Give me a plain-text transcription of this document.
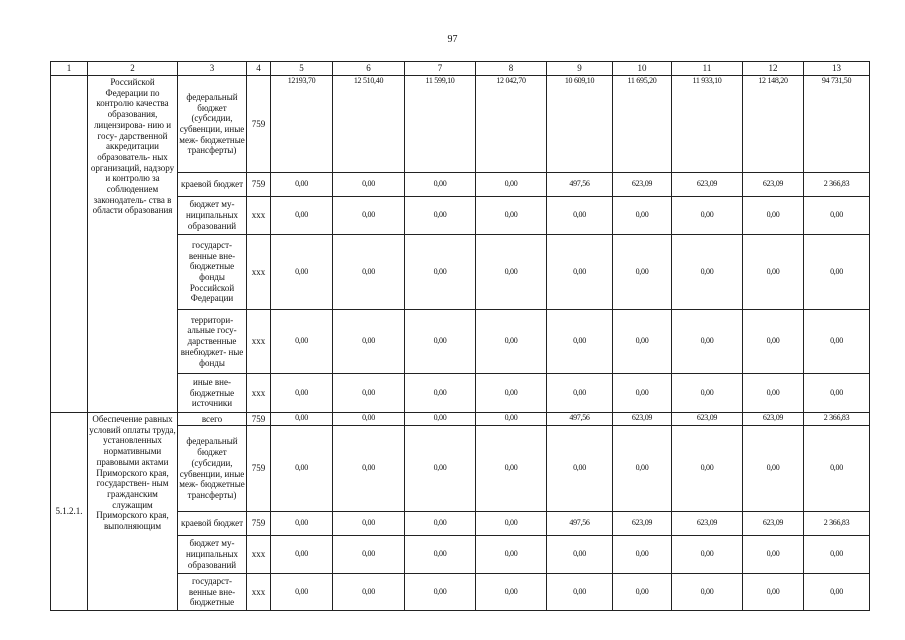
97
1	2	3	4	5	6	7	8	9	10	11	12	13
	Российской Федерации по контролю качества образования, лицензирова- нию и госу- дарственной аккредитации образователь- ных организаций, надзору и контролю за соблюдением законодатель- ства в области образования	федеральный бюджет (субсидии, субвенции, иные меж- бюджетные трансферты)	759	12193,70	12 510,40	11 599,10	12 042,70	10 609,10	11 695,20	11 933,10	12 148,20	94 731,50
		краевой бюджет	759	0,00	0,00	0,00	0,00	497,56	623,09	623,09	623,09	2 366,83
		бюджет му- ниципальных образований	ххх	0,00	0,00	0,00	0,00	0,00	0,00	0,00	0,00	0,00
		государст- венные вне- бюджетные фонды Российской Федерации	ххх	0,00	0,00	0,00	0,00	0,00	0,00	0,00	0,00	0,00
		территори- альные госу- дарственные внебюджет- ные фонды	ххх	0,00	0,00	0,00	0,00	0,00	0,00	0,00	0,00	0,00
		иные вне- бюджетные источники	ххх	0,00	0,00	0,00	0,00	0,00	0,00	0,00	0,00	0,00
5.1.2.1.	Обеспечение равных условий оплаты труда, установленных нормативными правовыми актами Приморского края, государствен- ным гражданским служащим Приморского края, выполняющим	всего	759	0,00	0,00	0,00	0,00	497,56	623,09	623,09	623,09	2 366,83
		федеральный бюджет (субсидии, субвенции, иные меж- бюджетные трансферты)	759	0,00	0,00	0,00	0,00	0,00	0,00	0,00	0,00	0,00
		краевой бюджет	759	0,00	0,00	0,00	0,00	497,56	623,09	623,09	623,09	2 366,83
		бюджет му- ниципальных образований	ххх	0,00	0,00	0,00	0,00	0,00	0,00	0,00	0,00	0,00
		государст- венные вне- бюджетные	ххх	0,00	0,00	0,00	0,00	0,00	0,00	0,00	0,00	0,00
